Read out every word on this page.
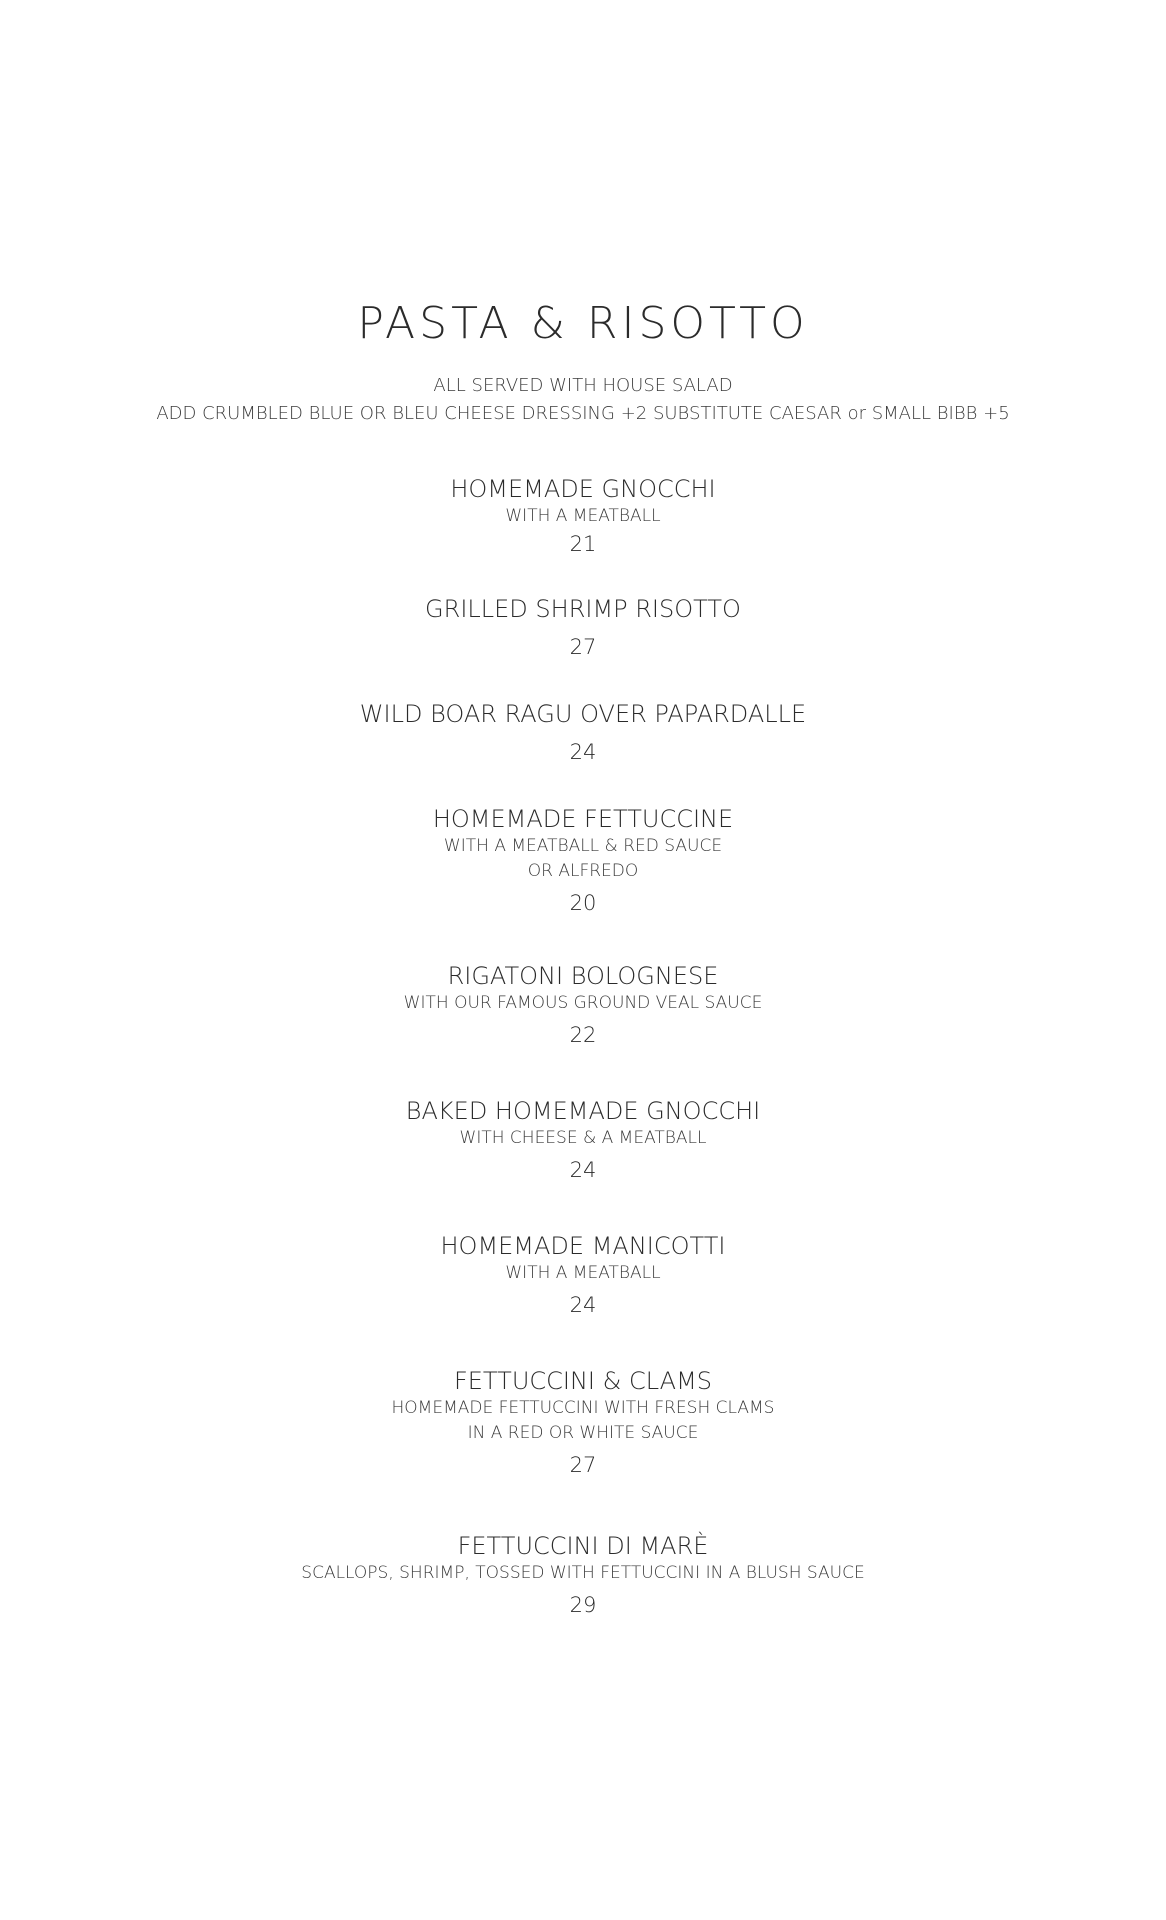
PASTA & RISOTTO
ALL SERVED WITH HOUSE SALAD
ADD CRUMBLED BLUE OR BLEU CHEESE DRESSING +2 SUBSTITUTE CAESAR or SMALL BIBB +5
HOMEMADE GNOCCHI
WITH A MEATBALL
21
GRILLED SHRIMP RISOTTO
27
WILD BOAR RAGU OVER PAPARDALLE
24
HOMEMADE FETTUCCINE
WITH A MEATBALL & RED SAUCE
OR ALFREDO
20
RIGATONI BOLOGNESE
WITH OUR FAMOUS GROUND VEAL SAUCE
22
BAKED HOMEMADE GNOCCHI
WITH CHEESE & A MEATBALL
24
HOMEMADE MANICOTTI
WITH A MEATBALL
24
FETTUCCINI & CLAMS
HOMEMADE FETTUCCINI WITH FRESH CLAMS
IN A RED OR WHITE SAUCE
27
FETTUCCINI DI MARÈ
SCALLOPS, SHRIMP, TOSSED WITH FETTUCCINI IN A BLUSH SAUCE
29
